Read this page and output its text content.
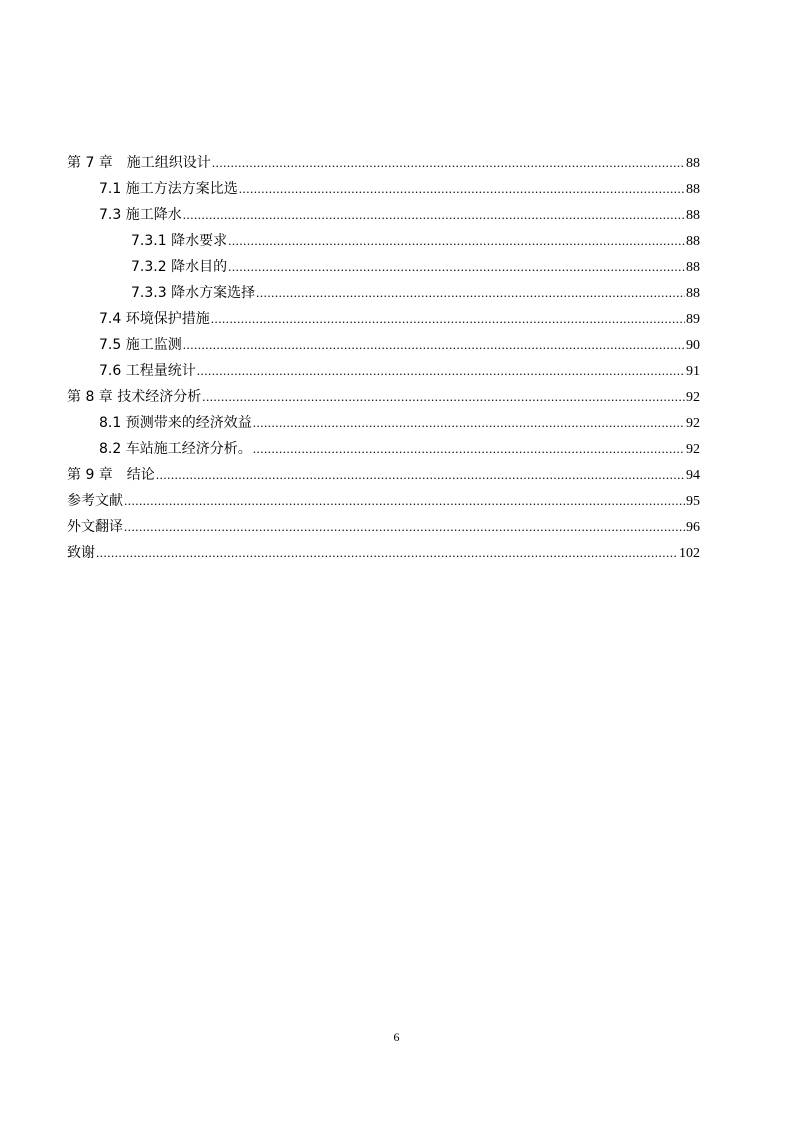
第 7 章　施工组织设计 .....	88
7.1 施工方法方案比选 .....	88
7.3 施工降水 .....	88
7.3.1 降水要求 .....	88
7.3.2 降水目的 .....	88
7.3.3 降水方案选择 .....	88
7.4 环境保护措施 .....	89
7.5 施工监测 .....	90
7.6 工程量统计 .....	91
第 8 章 技术经济分析 .....	92
8.1 预测带来的经济效益 .....	92
8.2 车站施工经济分析。 .....	92
第 9 章　结论 .....	94
参考文献 .....	95
外文翻译 .....	96
致谢 .....	102
6
